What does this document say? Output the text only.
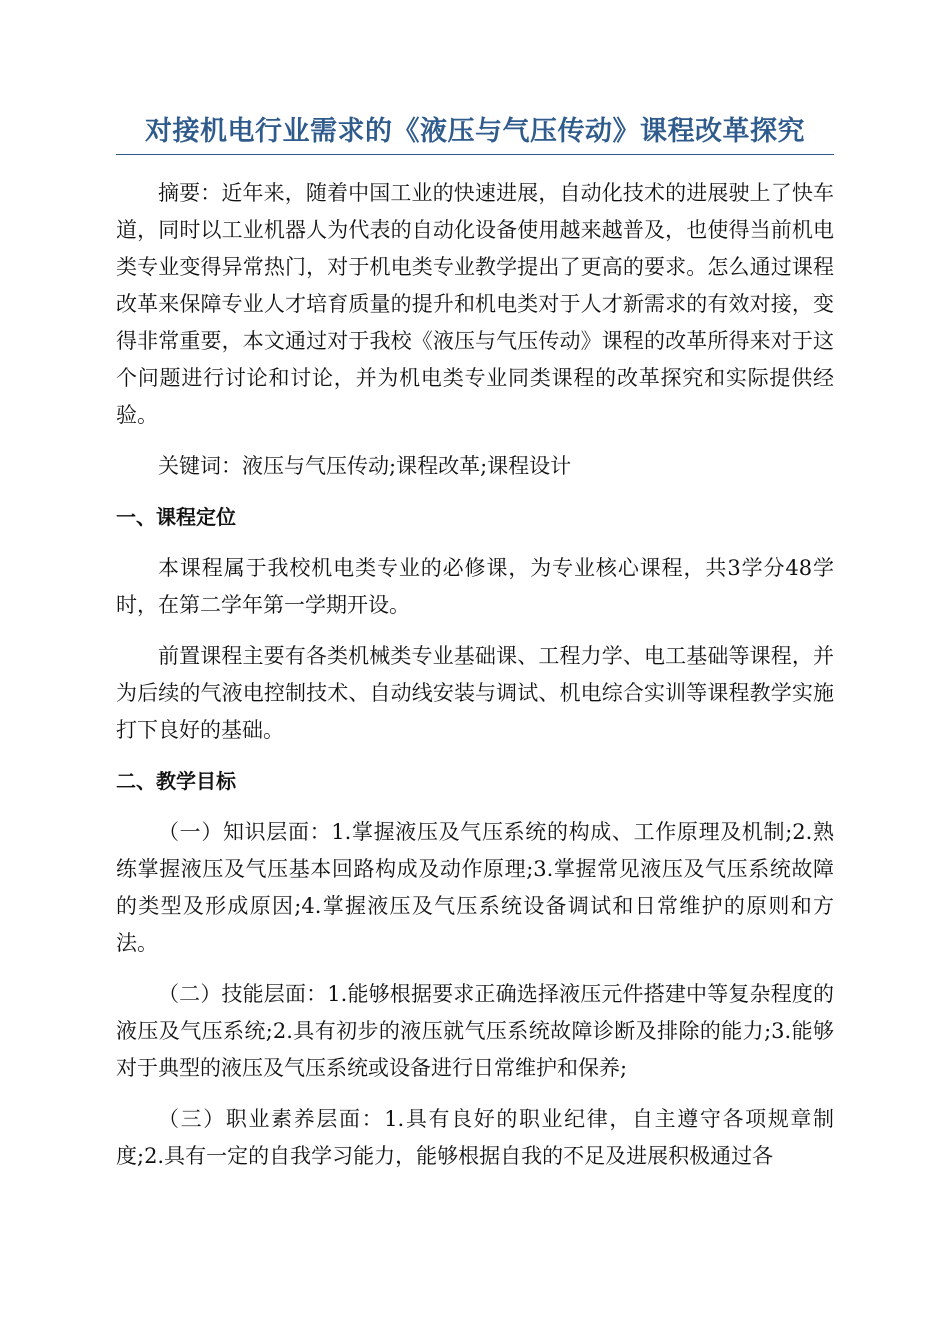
对接机电行业需求的《液压与气压传动》课程改革探究

摘要：近年来，随着中国工业的快速进展，自动化技术的进展驶上了快车道，同时以工业机器人为代表的自动化设备使用越来越普及，也使得当前机电类专业变得异常热门，对于机电类专业教学提出了更高的要求。怎么通过课程改革来保障专业人才培育质量的提升和机电类对于人才新需求的有效对接，变得非常重要，本文通过对于我校《液压与气压传动》课程的改革所得来对于这个问题进行讨论和讨论，并为机电类专业同类课程的改革探究和实际提供经验。

关键词：液压与气压传动;课程改革;课程设计

一、课程定位

本课程属于我校机电类专业的必修课，为专业核心课程，共3学分48学时，在第二学年第一学期开设。

前置课程主要有各类机械类专业基础课、工程力学、电工基础等课程，并为后续的气液电控制技术、自动线安装与调试、机电综合实训等课程教学实施打下良好的基础。

二、教学目标

（一）知识层面：1.掌握液压及气压系统的构成、工作原理及机制;2.熟练掌握液压及气压基本回路构成及动作原理;3.掌握常见液压及气压系统故障的类型及形成原因;4.掌握液压及气压系统设备调试和日常维护的原则和方法。

（二）技能层面：1.能够根据要求正确选择液压元件搭建中等复杂程度的液压及气压系统;2.具有初步的液压就气压系统故障诊断及排除的能力;3.能够对于典型的液压及气压系统或设备进行日常维护和保养;

（三）职业素养层面：1.具有良好的职业纪律，自主遵守各项规章制度;2.具有一定的自我学习能力，能够根据自我的不足及进展积极通过各
